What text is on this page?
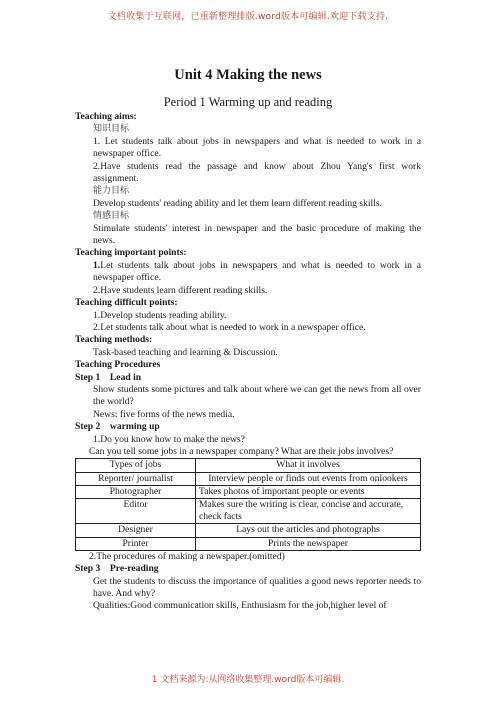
文档收集于互联网，已重新整理排版.word版本可编辑.欢迎下载支持.
Unit 4 Making the news
Period 1 Warming up and reading
Teaching aims:
知识目标
1. Let students talk about jobs in newspapers and what is needed to work in a newspaper office.
2.Have students read the passage and know about Zhou Yang's first work assignment.
能力目标
Develop students' reading ability and let them learn different reading skills.
情感目标
Stimulate students' interest in newspaper and the basic procedure of making the news.
Teaching important points:
1.Let students talk about jobs in newspapers and what is needed to work in a newspaper office.
2.Have students learn different reading skills.
Teaching difficult points:
1.Develop students reading ability.
2.Let students talk about what is needed to work in a newspaper office.
Teaching methods:
Task-based teaching and learning & Discussion.
Teaching Procedures
Step 1    Lead in
Show students some pictures and talk about where we can get the news from all over the world?
News: five forms of the news media.
Step 2    warming up
1.Do you know how to make the news?
Can you tell some jobs in a newspaper company? What are their jobs involves?
Types of jobs	What it involves
Reporter/ journalist	Interview people or finds out events from onlookers
Photographer	Takes photos of important people or events
Editor	Makes sure the writing is clear, concise and accurate, check facts
Designer	Lays out the articles and photographs
Printer	Prints the newspaper
2.The procedures of making a newspaper.(omitted)
Step 3    Pre-reading
Get the students to discuss the importance of qualities a good news reporter needs to have. And why?
Qualities:Good communication skills, Enthusiasm for the job,higher level of
1 文档来源为:从网络收集整理.word版本可编辑.
